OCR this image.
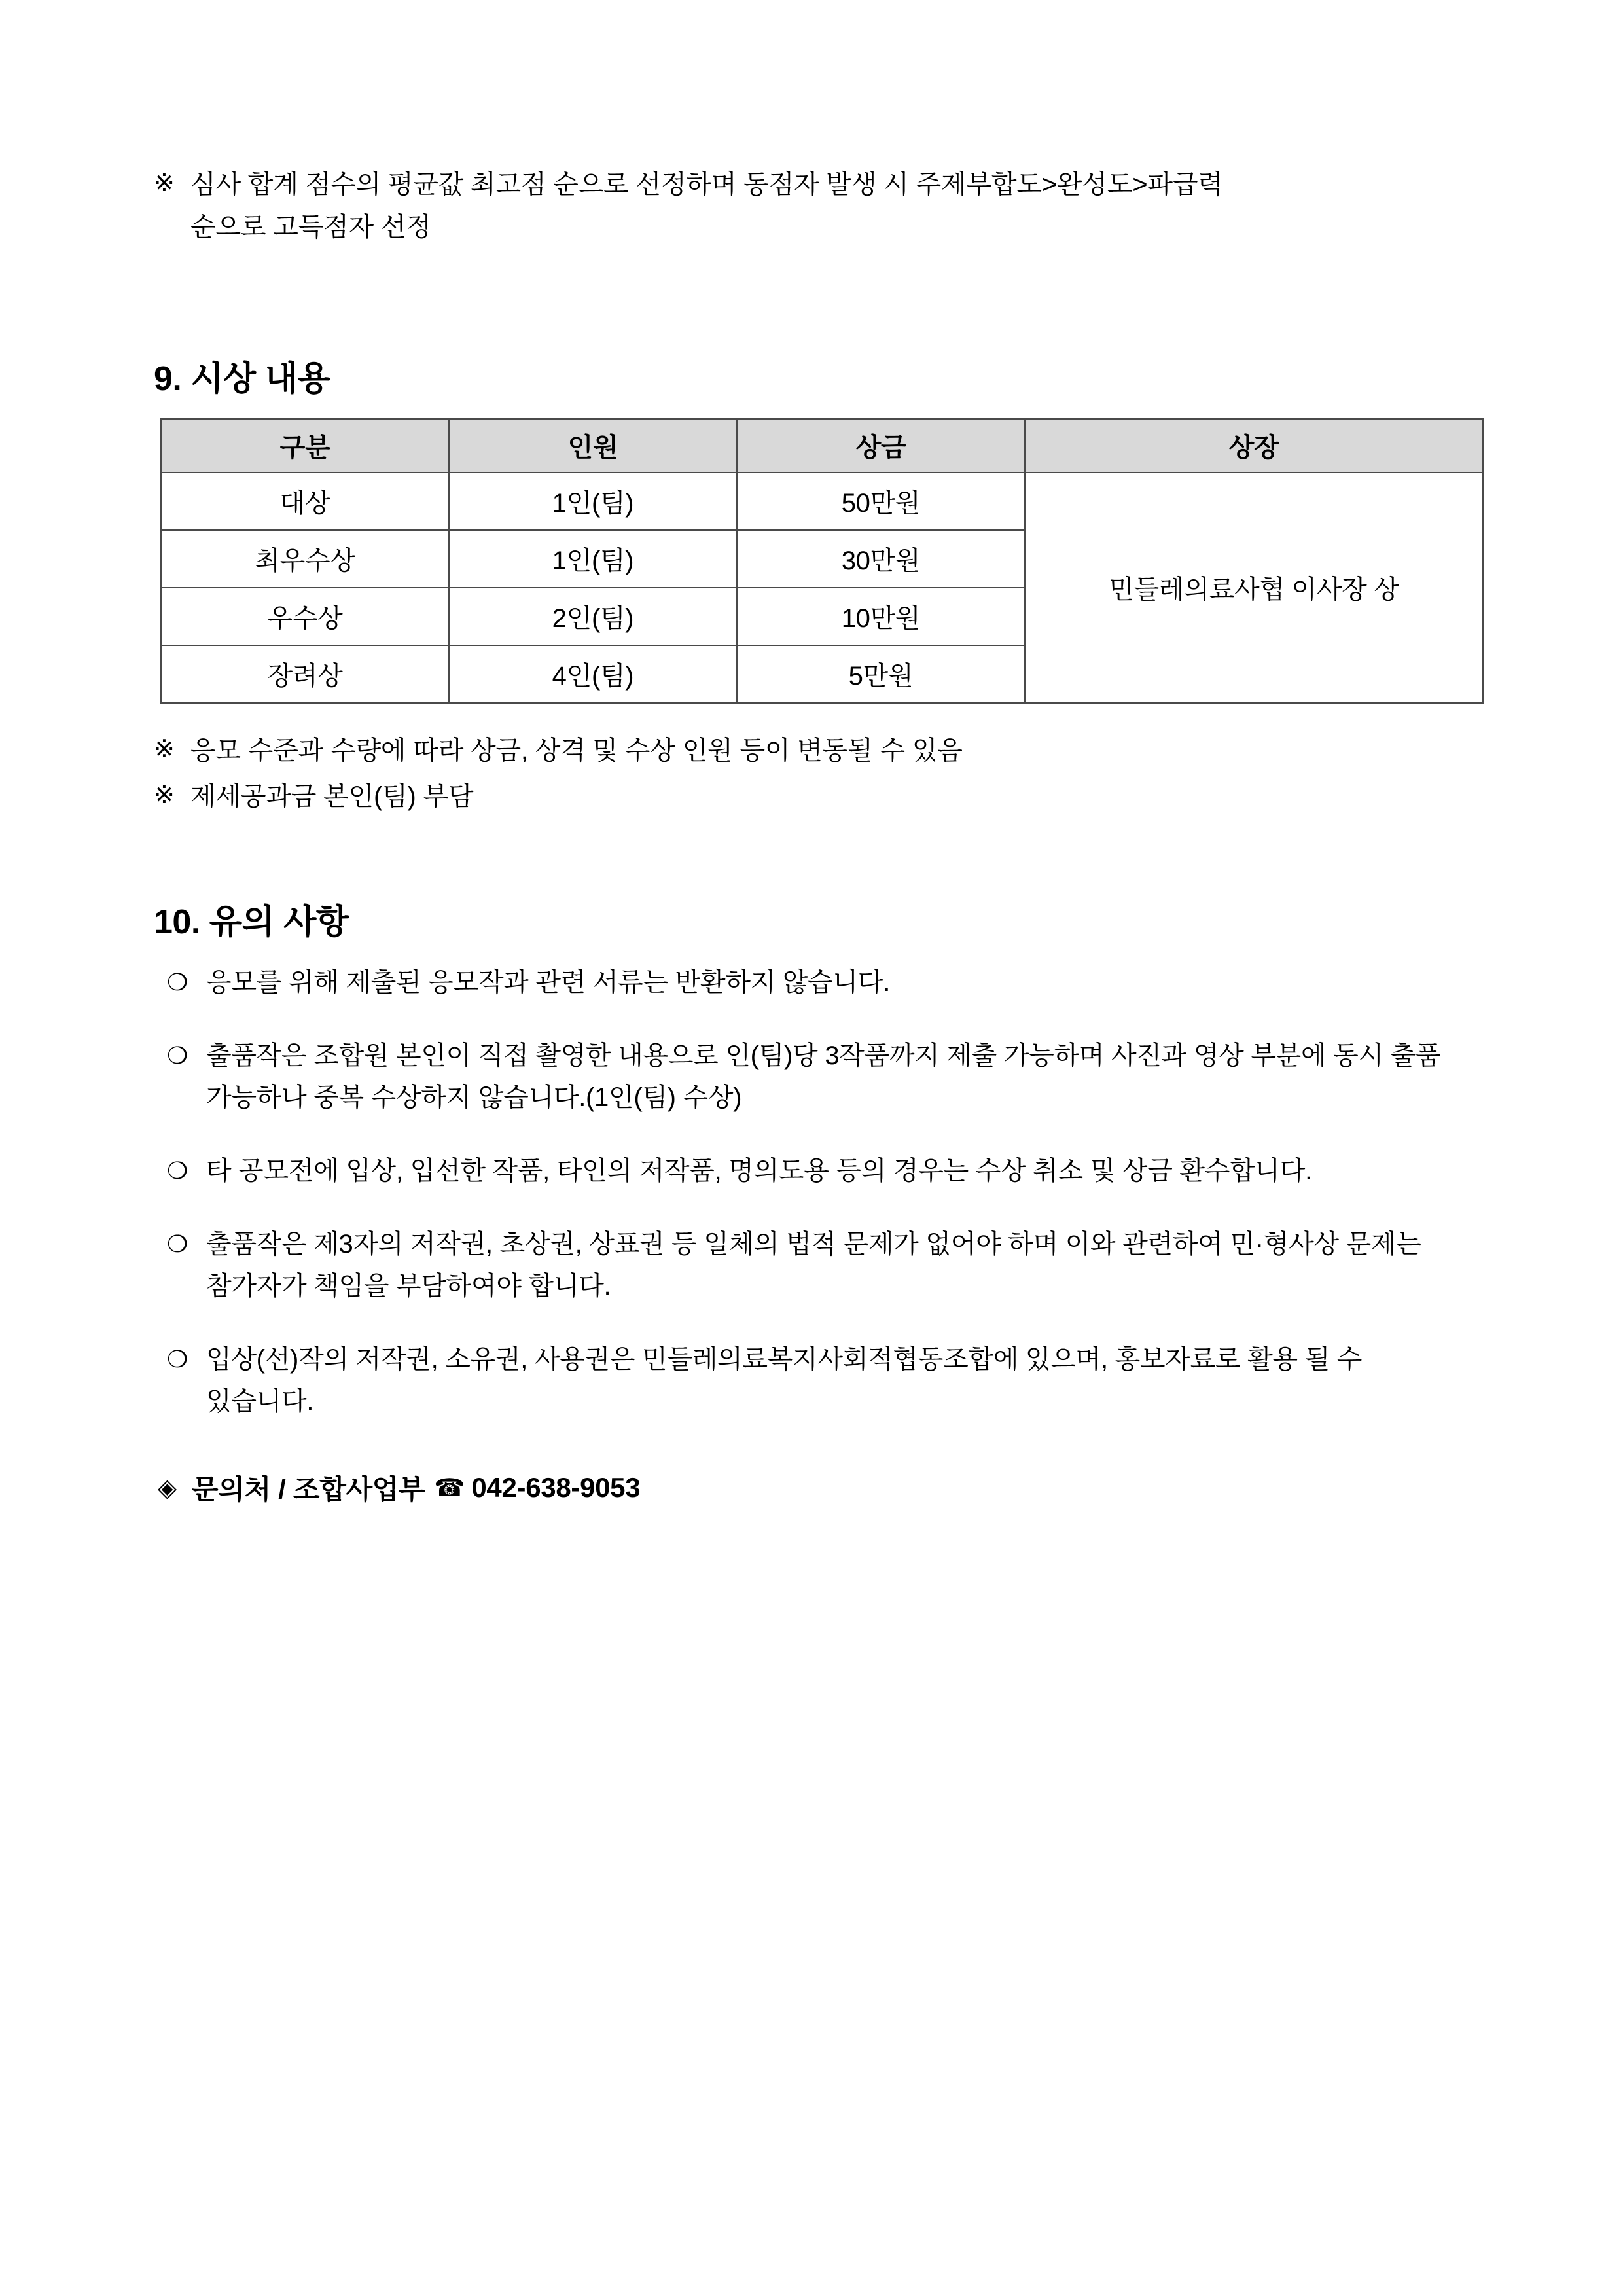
※ 심사 합계 점수의 평균값 최고점 순으로 선정하며 동점자 발생 시 주제부합도>완성도>파급력
순으로 고득점자 선정
9. 시상 내용
구분	인원	상금	상장
대상	1인(팀)	50만원	민들레의료사협 이사장 상
최우수상	1인(팀)	30만원	
우수상	2인(팀)	10만원	
장려상	4인(팀)	5만원	
※ 응모 수준과 수량에 따라 상금, 상격 및 수상 인원 등이 변동될 수 있음
※ 제세공과금 본인(팀) 부담
10. 유의 사항
❍ 응모를 위해 제출된 응모작과 관련 서류는 반환하지 않습니다.
❍ 출품작은 조합원 본인이 직접 촬영한 내용으로 인(팀)당 3작품까지 제출 가능하며 사진과 영상 부분에 동시 출품 가능하나 중복 수상하지 않습니다.(1인(팀) 수상)
❍ 타 공모전에 입상, 입선한 작품, 타인의 저작품, 명의도용 등의 경우는 수상 취소 및 상금 환수합니다.
❍ 출품작은 제3자의 저작권, 초상권, 상표권 등 일체의 법적 문제가 없어야 하며 이와 관련하여 민·형사상 문제는 참가자가 책임을 부담하여야 합니다.
❍ 입상(선)작의 저작권, 소유권, 사용권은 민들레의료복지사회적협동조합에 있으며, 홍보자료로 활용 될 수 있습니다.
◈ 문의처 / 조합사업부 ☎ 042-638-9053
